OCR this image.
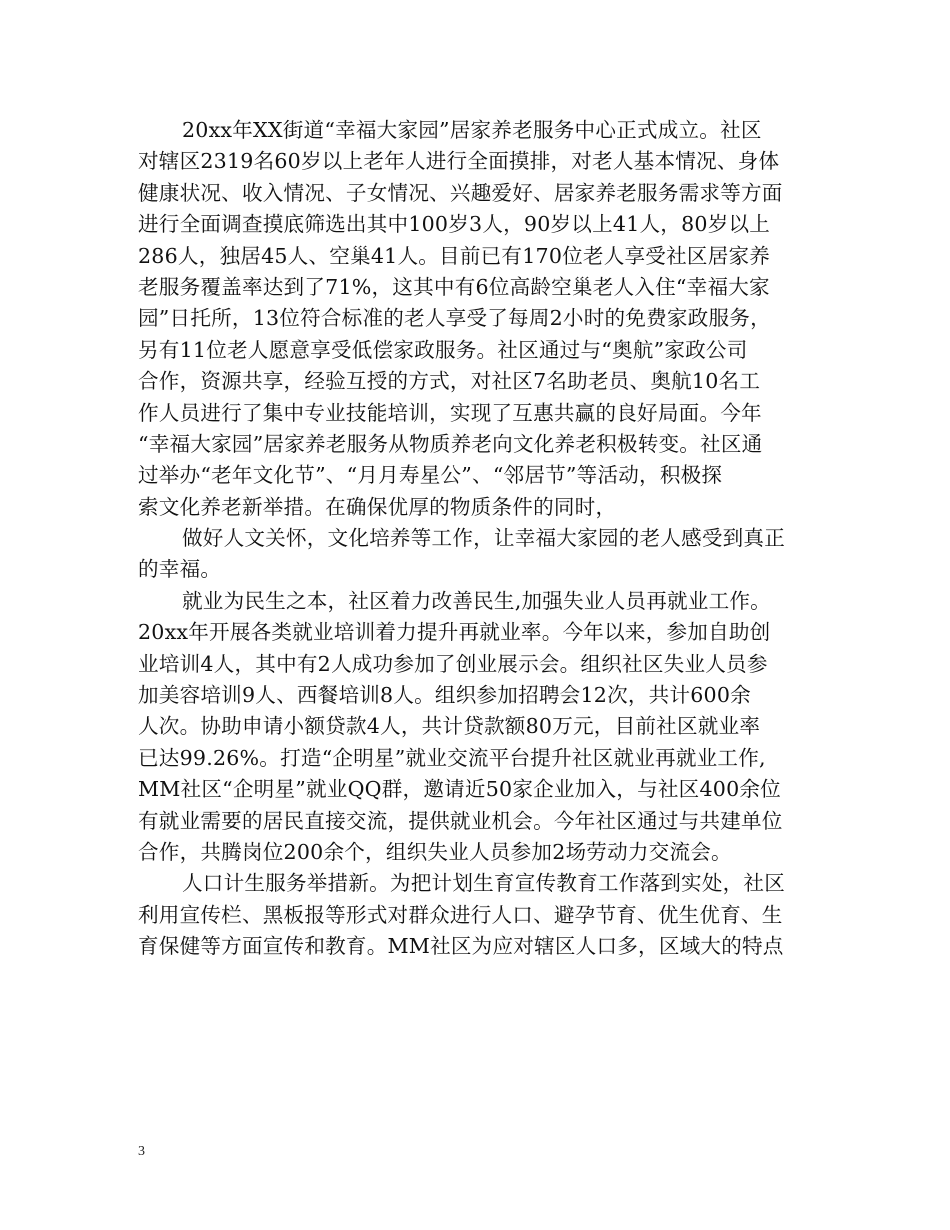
20xx年XX街道“幸福大家园”居家养老服务中心正式成立。社区
对辖区2319名60岁以上老年人进行全面摸排，对老人基本情况、身体
健康状况、收入情况、子女情况、兴趣爱好、居家养老服务需求等方面
进行全面调查摸底筛选出其中100岁3人，90岁以上41人，80岁以上
286人，独居45人、空巢41人。目前已有170位老人享受社区居家养
老服务覆盖率达到了71%，这其中有6位高龄空巢老人入住“幸福大家
园”日托所，13位符合标准的老人享受了每周2小时的免费家政服务，
另有11位老人愿意享受低偿家政服务。社区通过与“奥航”家政公司
合作，资源共享，经验互授的方式，对社区7名助老员、奥航10名工
作人员进行了集中专业技能培训，实现了互惠共赢的良好局面。今年
“幸福大家园”居家养老服务从物质养老向文化养老积极转变。社区通
过举办“老年文化节”、“月月寿星公”、“邻居节”等活动，积极探
索文化养老新举措。在确保优厚的物质条件的同时，
做好人文关怀，文化培养等工作，让幸福大家园的老人感受到真正
的幸福。
就业为民生之本，社区着力改善民生,加强失业人员再就业工作。
20xx年开展各类就业培训着力提升再就业率。今年以来，参加自助创
业培训4人，其中有2人成功参加了创业展示会。组织社区失业人员参
加美容培训9人、西餐培训8人。组织参加招聘会12次，共计600余
人次。协助申请小额贷款4人，共计贷款额80万元，目前社区就业率
已达99.26%。打造“企明星”就业交流平台提升社区就业再就业工作,
MM社区“企明星”就业QQ群，邀请近50家企业加入，与社区400余位
有就业需要的居民直接交流，提供就业机会。今年社区通过与共建单位
合作，共腾岗位200余个，组织失业人员参加2场劳动力交流会。
人口计生服务举措新。为把计划生育宣传教育工作落到实处，社区
利用宣传栏、黑板报等形式对群众进行人口、避孕节育、优生优育、生
育保健等方面宣传和教育。MM社区为应对辖区人口多，区域大的特点
3
